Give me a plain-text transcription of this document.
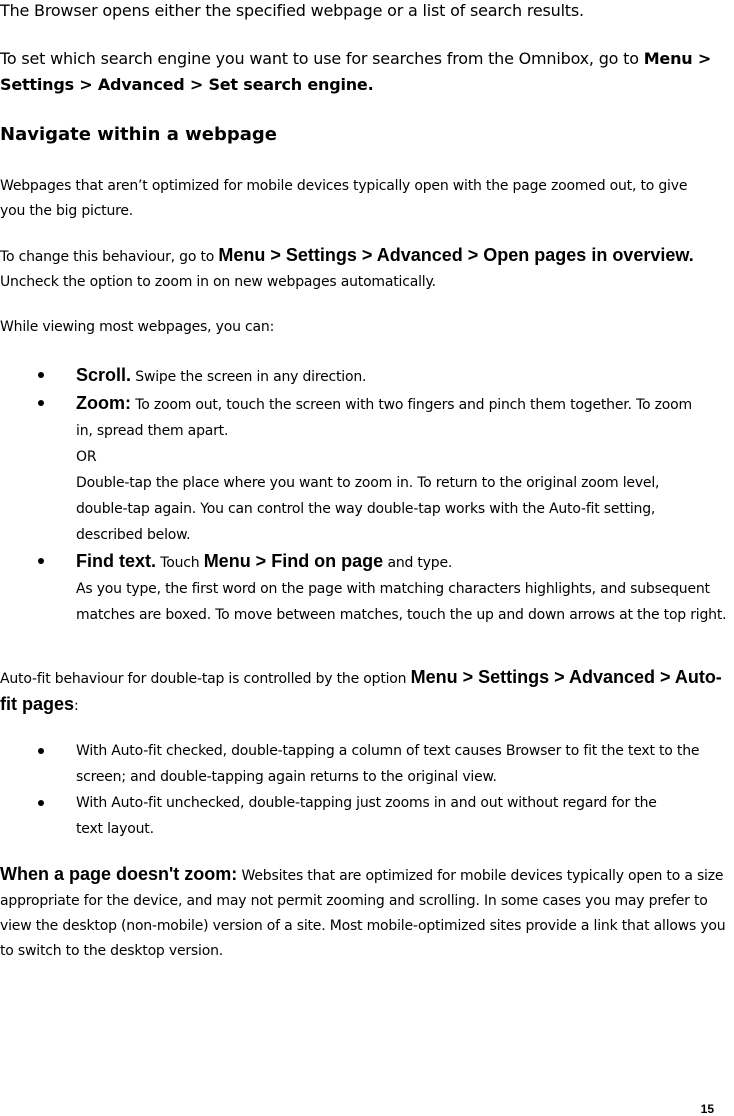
The Browser opens either the specified webpage or a list of search results.

To set which search engine you want to use for searches from the Omnibox, go to Menu > Settings > Advanced > Set search engine.

Navigate within a webpage

Webpages that aren’t optimized for mobile devices typically open with the page zoomed out, to give you the big picture.

To change this behaviour, go to Menu > Settings > Advanced > Open pages in overview. Uncheck the option to zoom in on new webpages automatically.

While viewing most webpages, you can:

Scroll. Swipe the screen in any direction.
Zoom: To zoom out, touch the screen with two fingers and pinch them together. To zoom in, spread them apart.
OR
Double-tap the place where you want to zoom in. To return to the original zoom level, double-tap again. You can control the way double-tap works with the Auto-fit setting, described below.
Find text. Touch Menu > Find on page and type.
As you type, the first word on the page with matching characters highlights, and subsequent matches are boxed. To move between matches, touch the up and down arrows at the top right.

Auto-fit behaviour for double-tap is controlled by the option Menu > Settings > Advanced > Auto-fit pages:

With Auto-fit checked, double-tapping a column of text causes Browser to fit the text to the screen; and double-tapping again returns to the original view.
With Auto-fit unchecked, double-tapping just zooms in and out without regard for the text layout.

When a page doesn't zoom: Websites that are optimized for mobile devices typically open to a size appropriate for the device, and may not permit zooming and scrolling. In some cases you may prefer to view the desktop (non-mobile) version of a site. Most mobile-optimized sites provide a link that allows you to switch to the desktop version.

15
